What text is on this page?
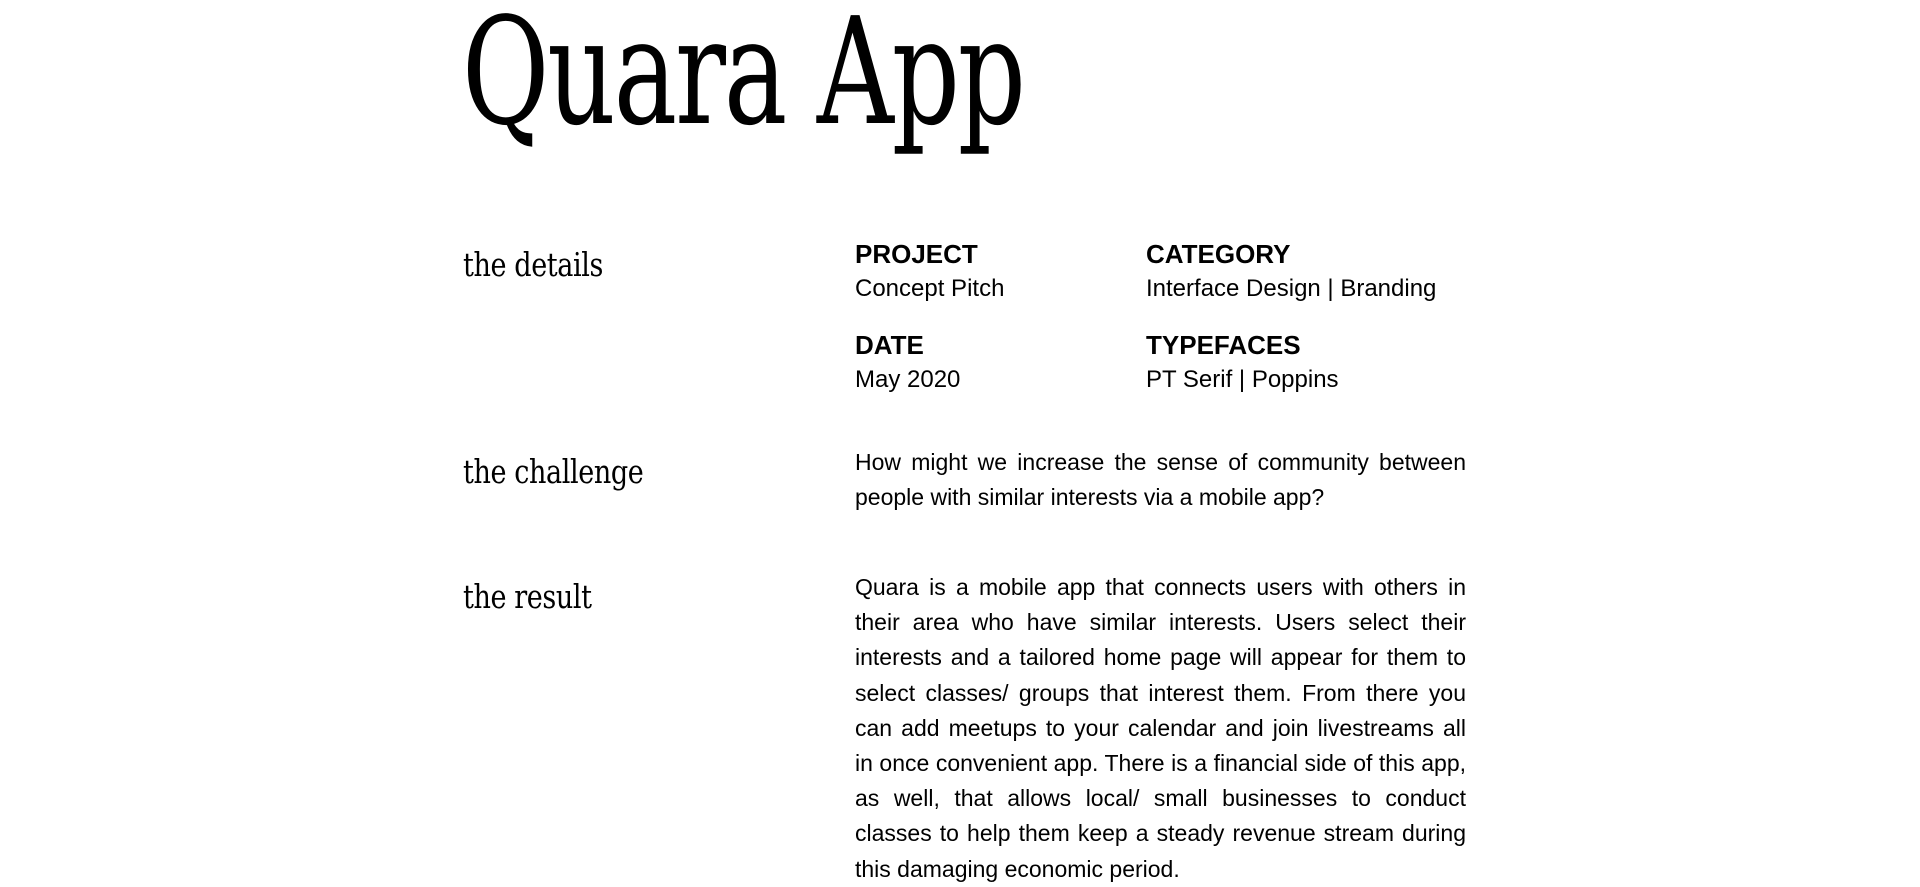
Quara App
the details	PROJECT
Concept Pitch
CATEGORY
Interface Design | Branding
DATE
May 2020
TYPEFACES
PT Serif | Poppins
the challenge	How might we increase the sense of community between people with similar interests via a mobile app?

the result	Quara is a mobile app that connects users with others in their area who have similar interests. Users select their interests and a tailored home page will appear for them to select classes/ groups that interest them. From there you can add meetups to your calendar and join livestreams all in once convenient app. There is a financial side of this app, as well, that allows local/ small businesses to conduct classes to help them keep a steady revenue stream during this damaging economic period.
